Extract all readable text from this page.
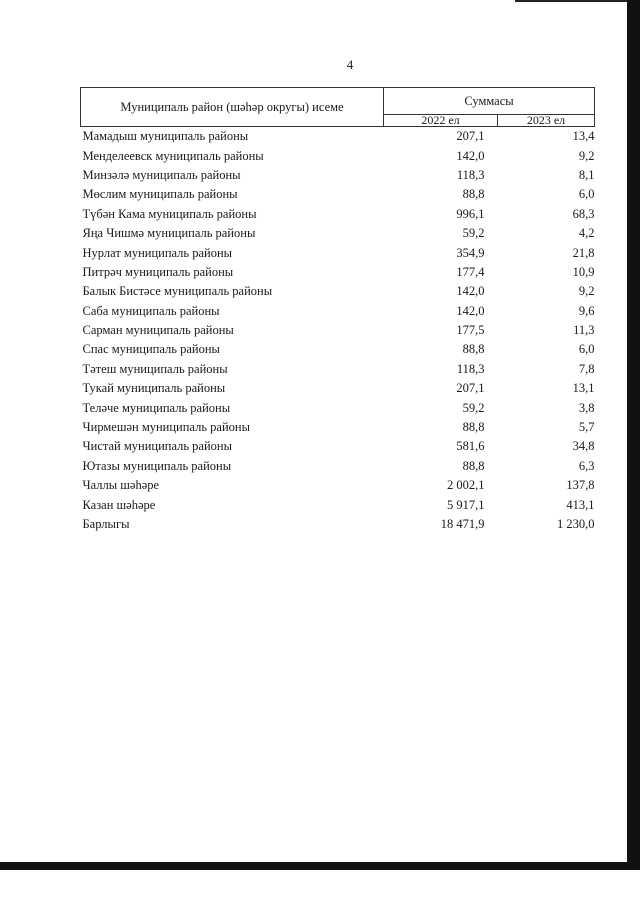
4
Муниципаль район (шәһәр округы) исеме	Суммасы	
	2022 ел	2023 ел
Мамадыш муниципаль районы	207,1	13,4
Менделеевск муниципаль районы	142,0	9,2
Минзәлә муниципаль районы	118,3	8,1
Мөслим муниципаль районы	88,8	6,0
Түбән Кама муниципаль районы	996,1	68,3
Яңа Чишмә муниципаль районы	59,2	4,2
Нурлат муниципаль районы	354,9	21,8
Питрәч муниципаль районы	177,4	10,9
Балык Бистәсе муниципаль районы	142,0	9,2
Саба муниципаль районы	142,0	9,6
Сарман муниципаль районы	177,5	11,3
Спас муниципаль районы	88,8	6,0
Тәтеш муниципаль районы	118,3	7,8
Тукай муниципаль районы	207,1	13,1
Теләче муниципаль районы	59,2	3,8
Чирмешән муниципаль районы	88,8	5,7
Чистай муниципаль районы	581,6	34,8
Ютазы муниципаль районы	88,8	6,3
Чаллы шәһәре	2 002,1	137,8
Казан шәһәре	5 917,1	413,1
Барлыгы	18 471,9	1 230,0
